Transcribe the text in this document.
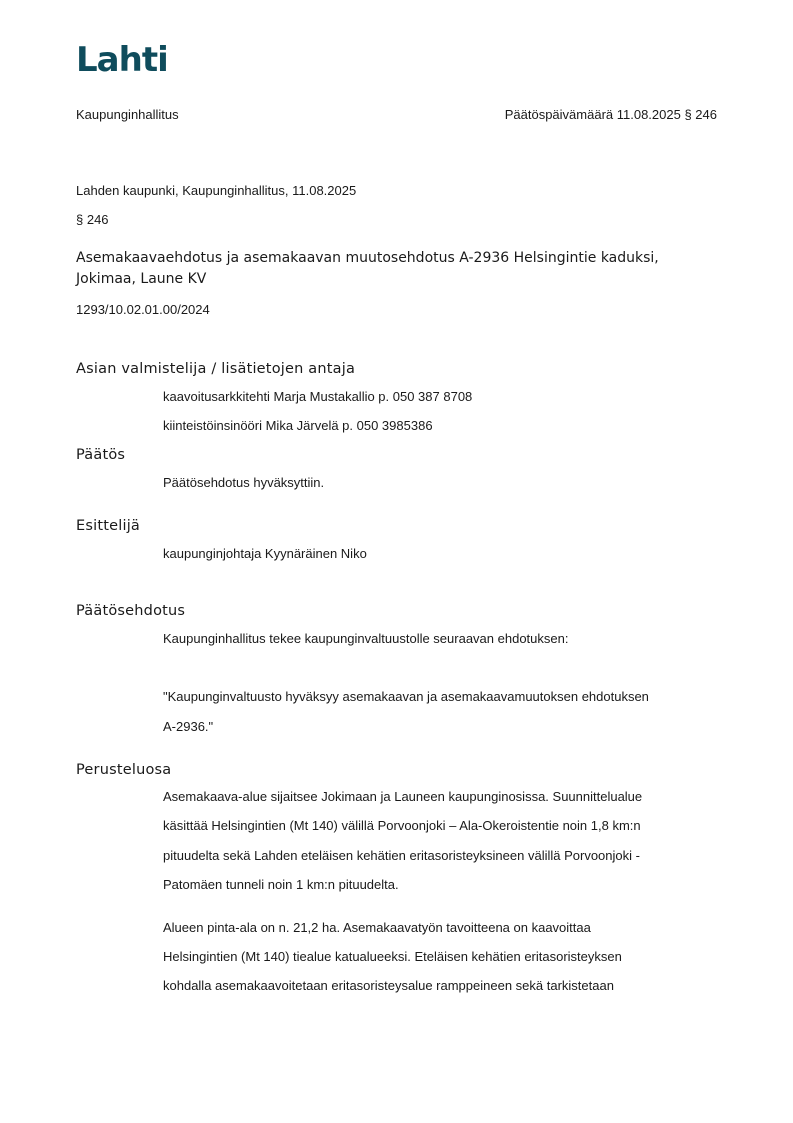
Lahti
Kaupunginhallitus	Päätöspäivämäärä 11.08.2025 § 246
Lahden kaupunki, Kaupunginhallitus, 11.08.2025
§ 246
Asemakaavaehdotus ja asemakaavan muutosehdotus A-2936 Helsingintie kaduksi,
Jokimaa, Laune KV
1293/10.02.01.00/2024
Asian valmistelija / lisätietojen antaja
kaavoitusarkkitehti Marja Mustakallio p. 050 387 8708
kiinteistöinsinööri Mika Järvelä p. 050 3985386
Päätös
Päätösehdotus hyväksyttiin.
Esittelijä
kaupunginjohtaja Kyynäräinen Niko
Päätösehdotus
Kaupunginhallitus tekee kaupunginvaltuustolle seuraavan ehdotuksen:
"Kaupunginvaltuusto hyväksyy asemakaavan ja asemakaavamuutoksen ehdotuksen
A-2936."
Perusteluosa
Asemakaava-alue sijaitsee Jokimaan ja Launeen kaupunginosissa. Suunnittelualue
käsittää Helsingintien (Mt 140) välillä Porvoonjoki – Ala-Okeroistentie noin 1,8 km:n
pituudelta sekä Lahden eteläisen kehätien eritasoristeyksineen välillä Porvoonjoki -
Patomäen tunneli noin 1 km:n pituudelta.
Alueen pinta-ala on n. 21,2 ha. Asemakaavatyön tavoitteena on kaavoittaa
Helsingintien (Mt 140) tiealue katualueeksi. Eteläisen kehätien eritasoristeyksen
kohdalla asemakaavoitetaan eritasoristeysalue ramppeineen sekä tarkistetaan
